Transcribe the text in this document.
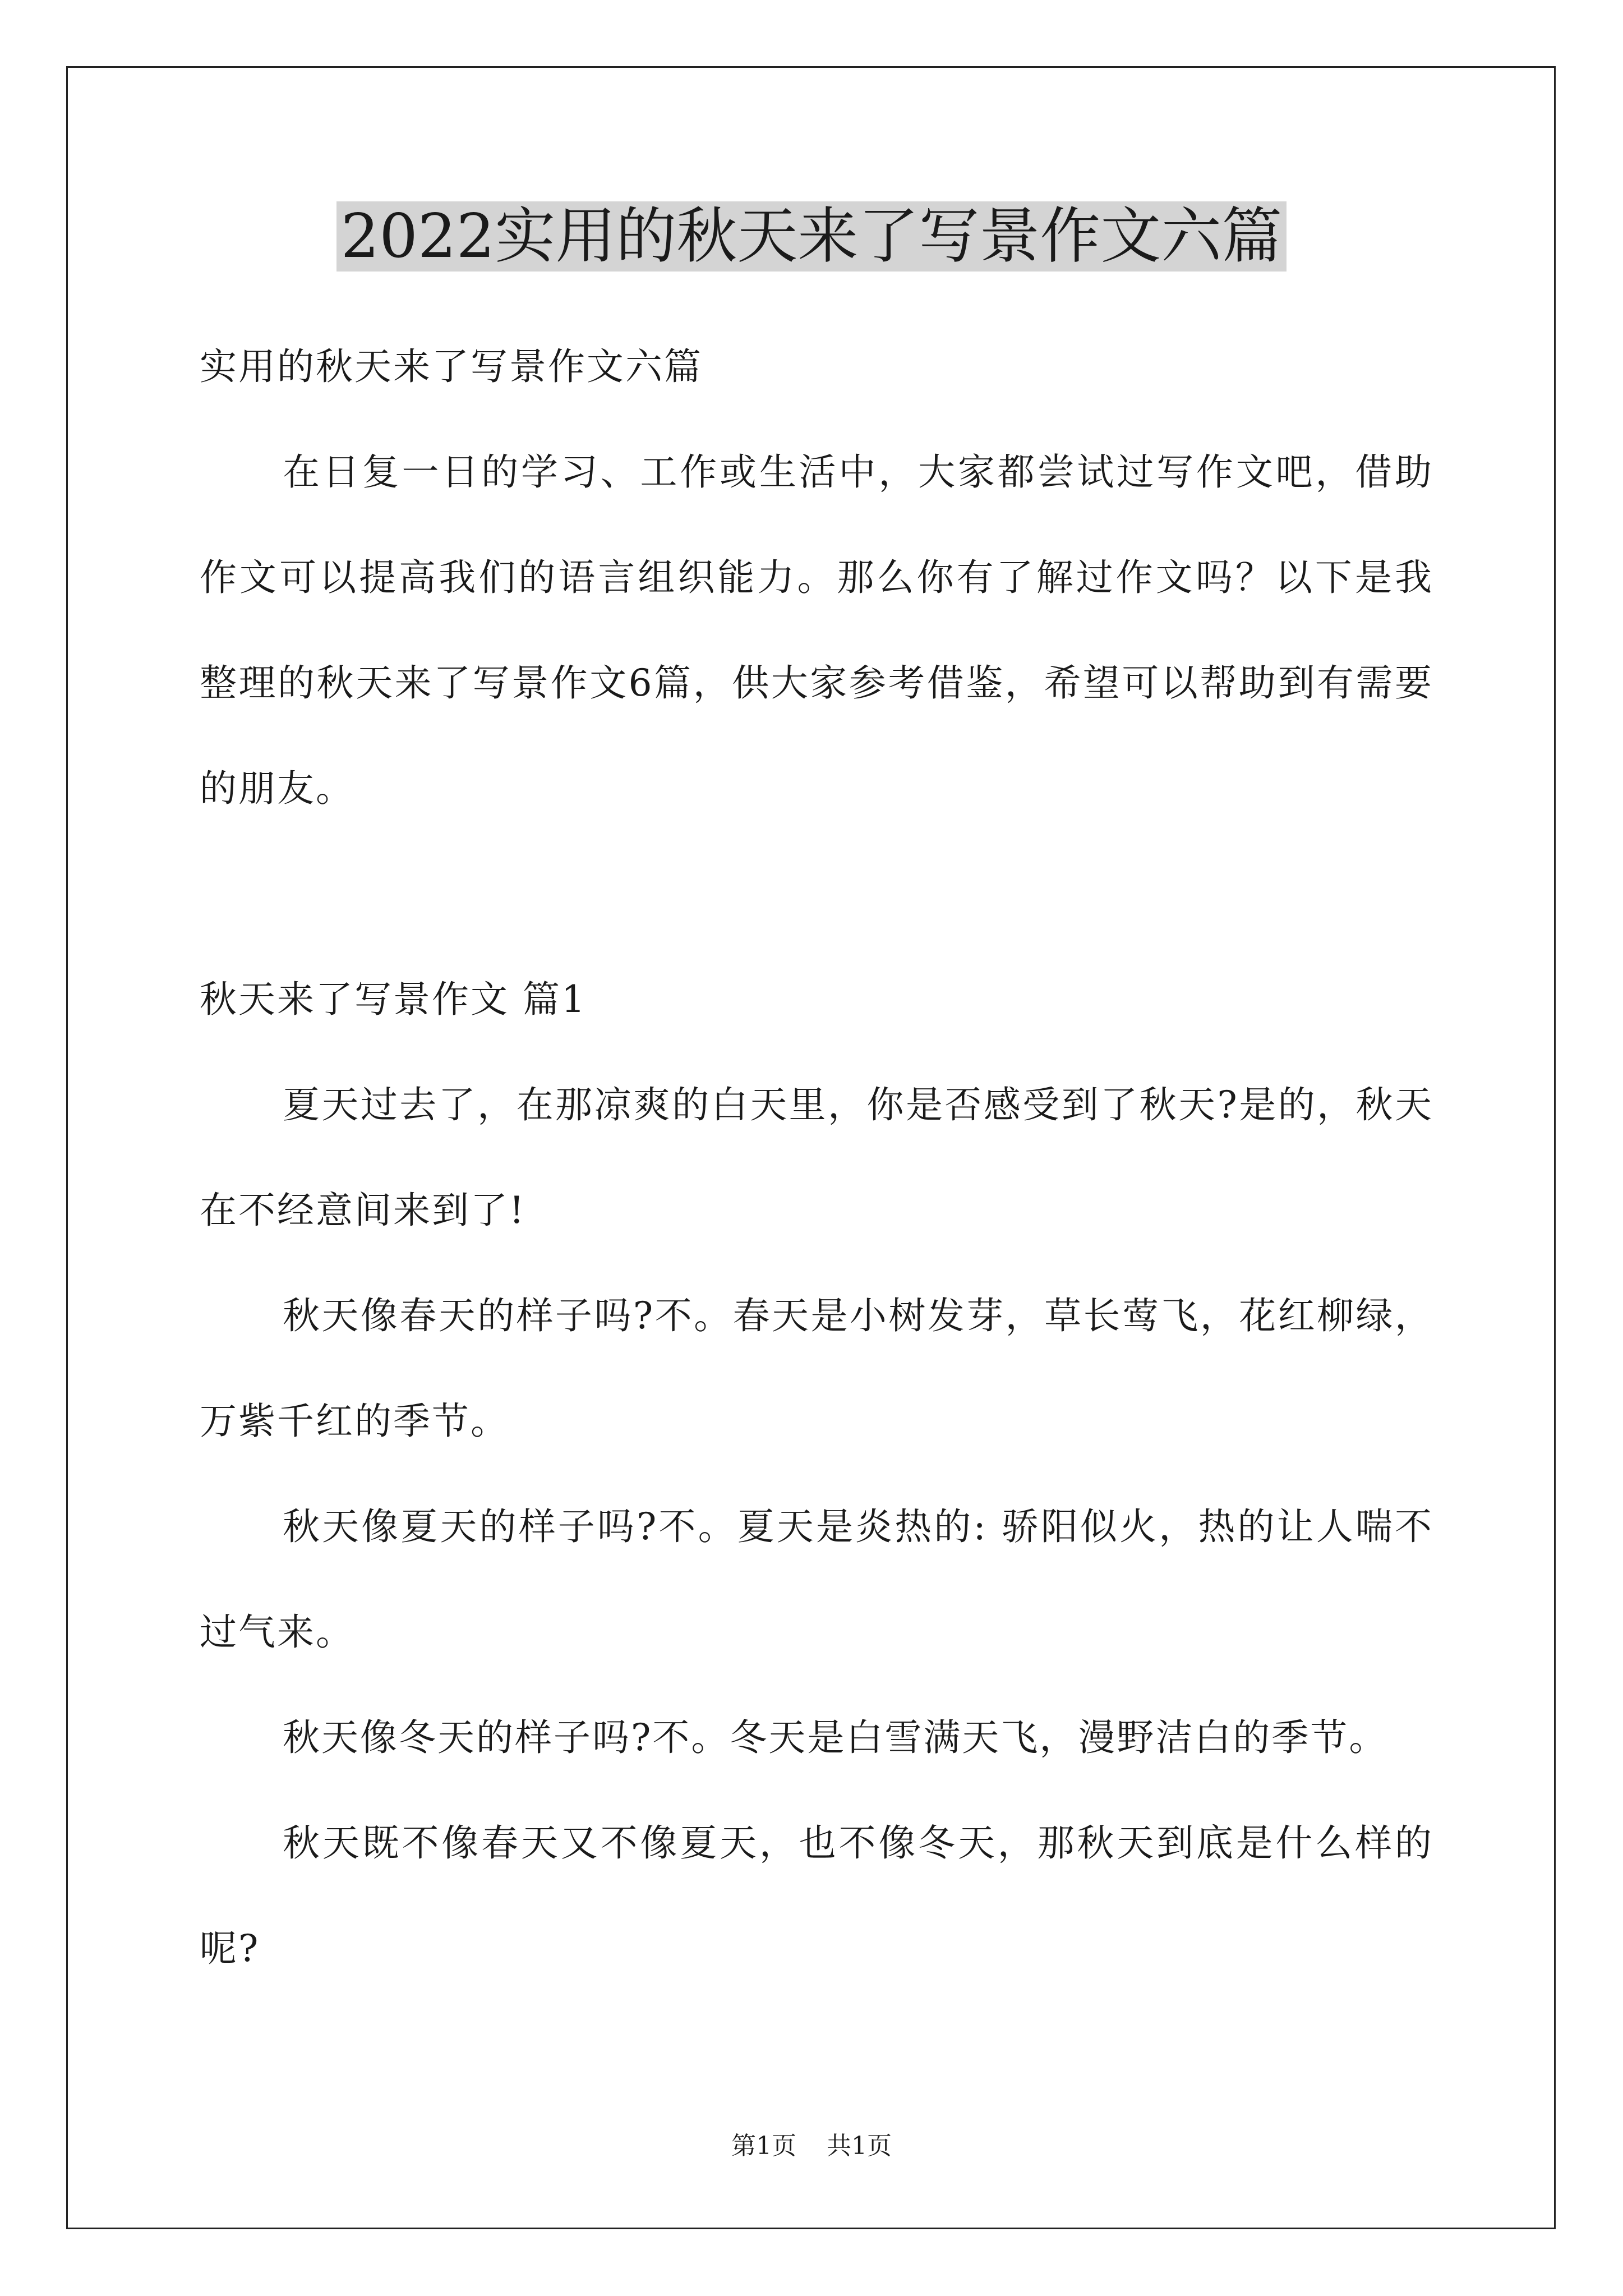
2022实用的秋天来了写景作文六篇

实用的秋天来了写景作文六篇

在日复一日的学习、工作或生活中，大家都尝试过写作文吧，借助作文可以提高我们的语言组织能力。那么你有了解过作文吗？以下是我整理的秋天来了写景作文6篇，供大家参考借鉴，希望可以帮助到有需要的朋友。

秋天来了写景作文 篇1

夏天过去了，在那凉爽的白天里，你是否感受到了秋天?是的，秋天在不经意间来到了!

秋天像春天的样子吗?不。春天是小树发芽，草长莺飞，花红柳绿，万紫千红的季节。

秋天像夏天的样子吗?不。夏天是炎热的: 骄阳似火，热的让人喘不过气来。

秋天像冬天的样子吗?不。冬天是白雪满天飞，漫野洁白的季节。

秋天既不像春天又不像夏天，也不像冬天，那秋天到底是什么样的呢?

第1页 共1页
